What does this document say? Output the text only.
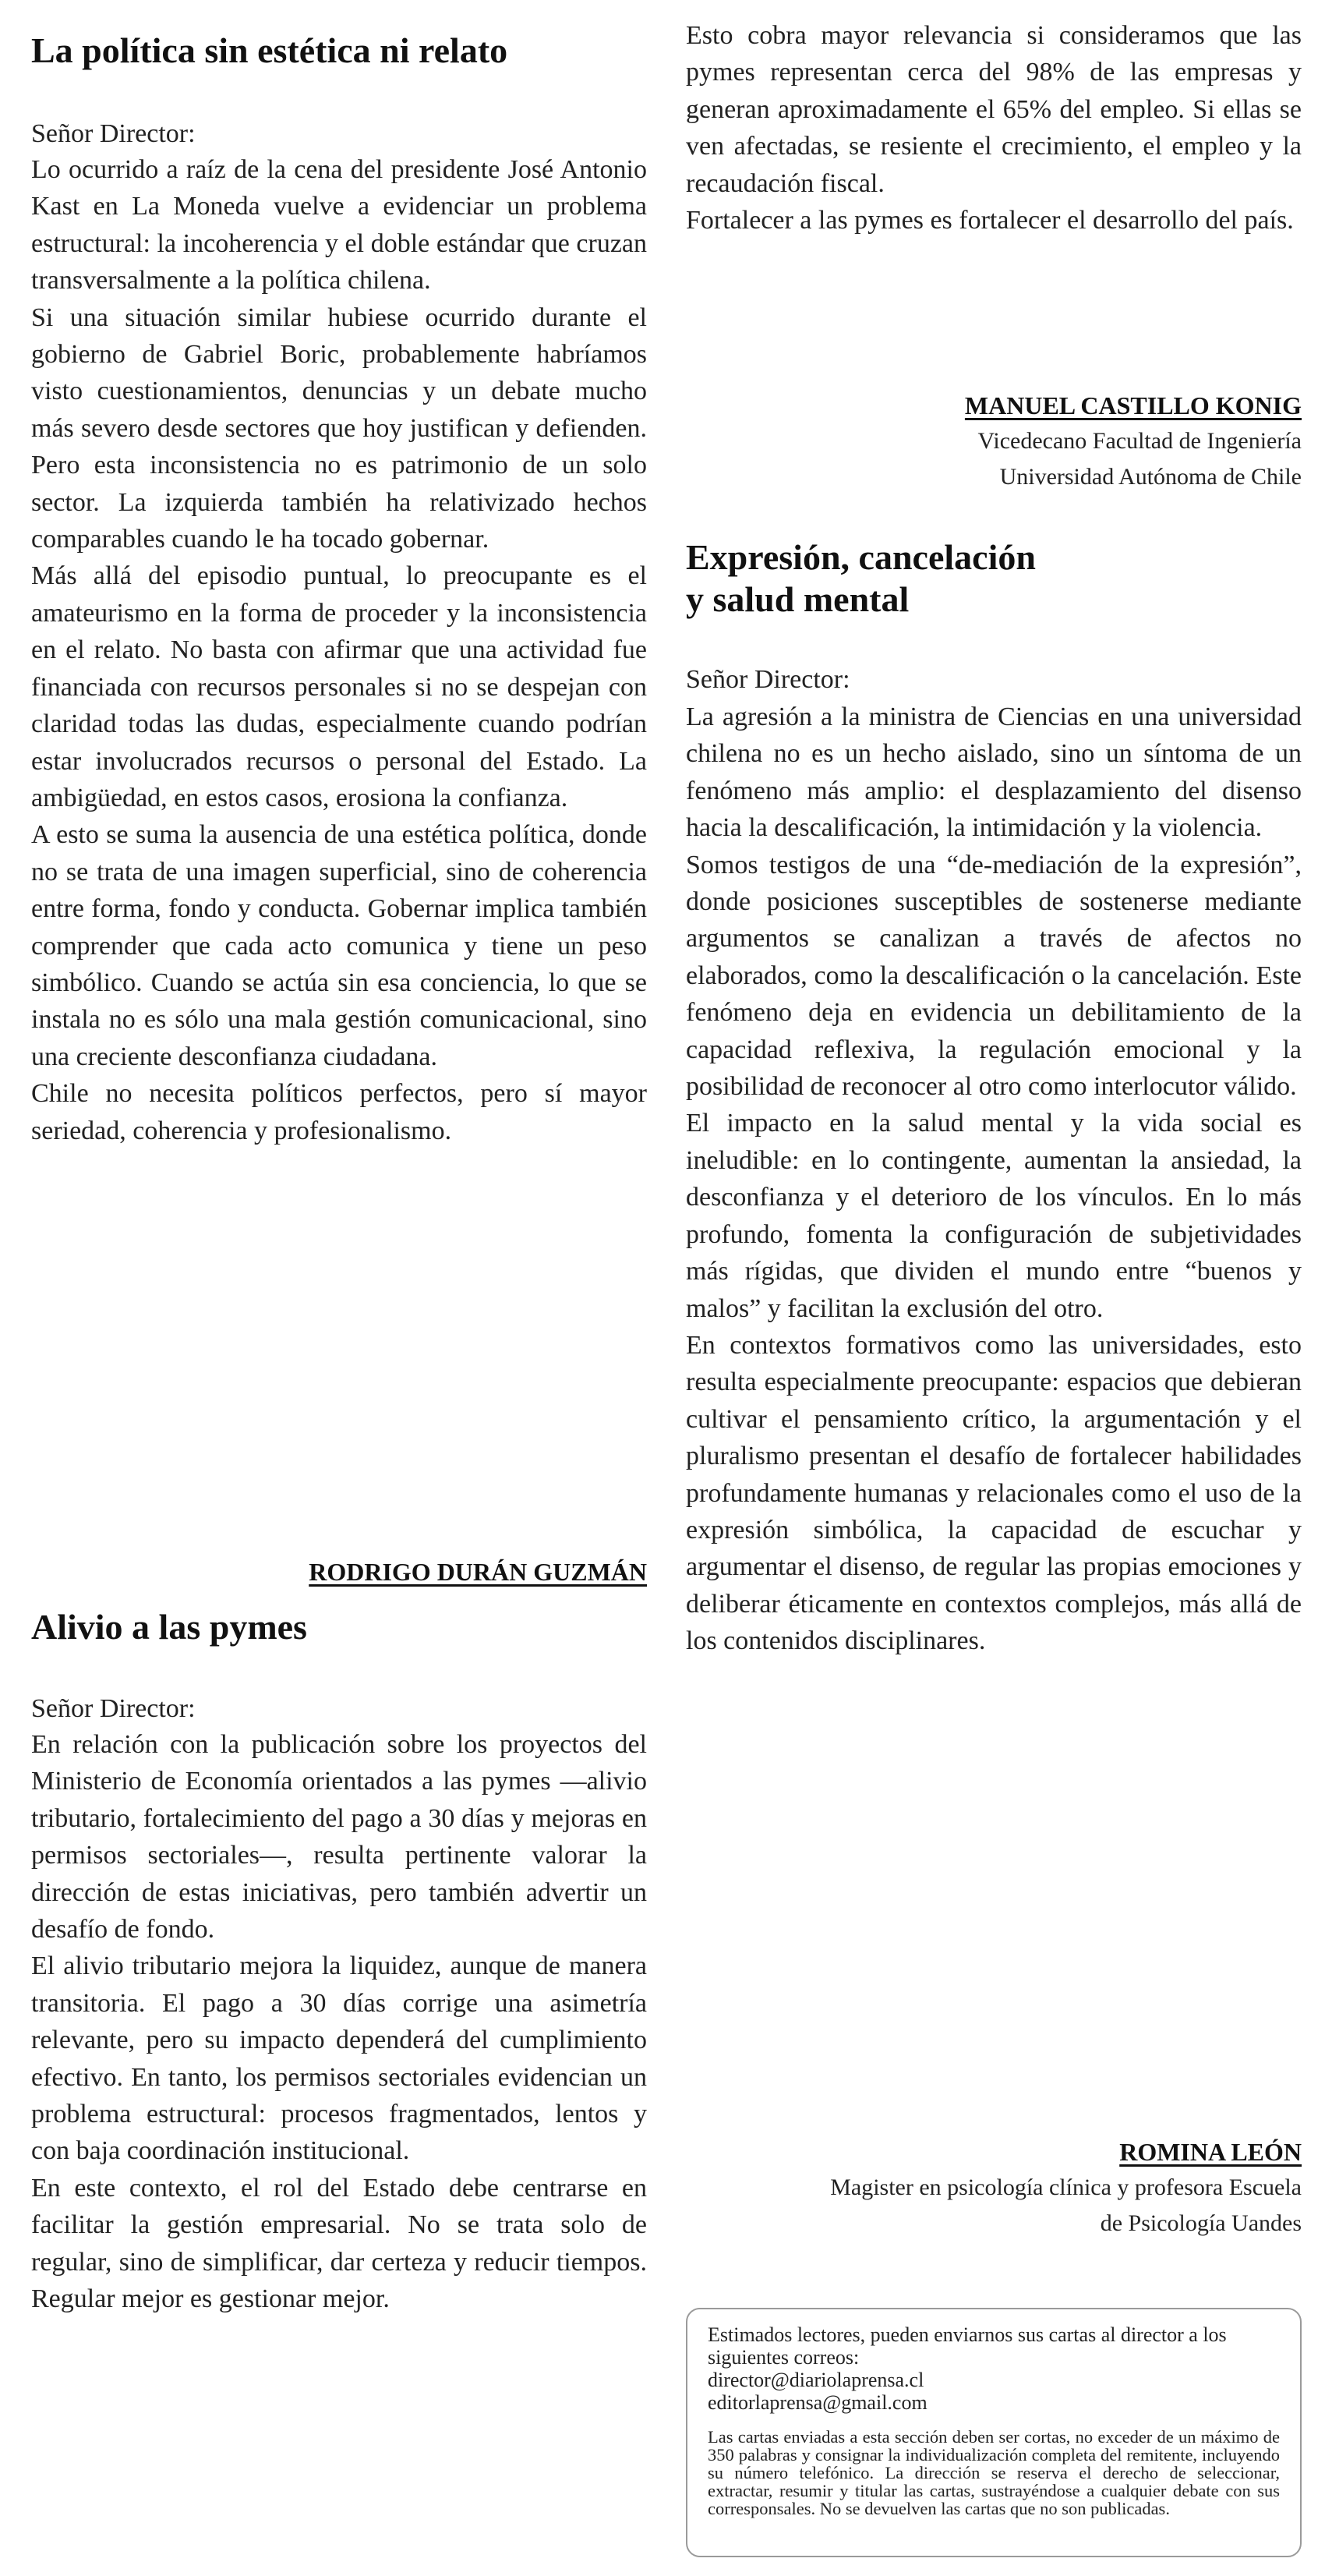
La política sin estética ni relato
Señor Director:

Lo ocurrido a raíz de la cena del presidente José Antonio Kast en La Moneda vuelve a evidenciar un problema estructural: la incoherencia y el doble estándar que cruzan transversalmente a la política chilena.

Si una situación similar hubiese ocurrido durante el gobierno de Gabriel Boric, probablemente habríamos visto cuestionamientos, denuncias y un debate mucho más severo desde sectores que hoy justifican y defienden. Pero esta inconsistencia no es patrimonio de un solo sector. La izquierda también ha relativizado hechos comparables cuando le ha tocado gobernar.

Más allá del episodio puntual, lo preocupante es el amateurismo en la forma de proceder y la inconsistencia en el relato. No basta con afirmar que una actividad fue financiada con recursos personales si no se despejan con claridad todas las dudas, especialmente cuando podrían estar involucrados recursos o personal del Estado. La ambigüedad, en estos casos, erosiona la confianza.

A esto se suma la ausencia de una estética política, donde no se trata de una imagen superficial, sino de coherencia entre forma, fondo y conducta. Gobernar implica también comprender que cada acto comunica y tiene un peso simbólico. Cuando se actúa sin esa conciencia, lo que se instala no es sólo una mala gestión comunicacional, sino una creciente desconfianza ciudadana.

Chile no necesita políticos perfectos, pero sí mayor seriedad, coherencia y profesionalismo.

RODRIGO DURÁN GUZMÁN
Alivio a las pymes
Señor Director:

En relación con la publicación sobre los proyectos del Ministerio de Economía orientados a las pymes —alivio tributario, fortalecimiento del pago a 30 días y mejoras en permisos sectoriales—, resulta pertinente valorar la dirección de estas iniciativas, pero también advertir un desafío de fondo.

El alivio tributario mejora la liquidez, aunque de manera transitoria. El pago a 30 días corrige una asimetría relevante, pero su impacto dependerá del cumplimiento efectivo. En tanto, los permisos sectoriales evidencian un problema estructural: procesos fragmentados, lentos y con baja coordinación institucional.

En este contexto, el rol del Estado debe centrarse en facilitar la gestión empresarial. No se trata solo de regular, sino de simplificar, dar certeza y reducir tiempos. Regular mejor es gestionar mejor.

Esto cobra mayor relevancia si consideramos que las pymes representan cerca del 98% de las empresas y generan aproximadamente el 65% del empleo. Si ellas se ven afectadas, se resiente el crecimiento, el empleo y la recaudación fiscal.

Fortalecer a las pymes es fortalecer el desarrollo del país.

MANUEL CASTILLO KONIG
Vicedecano Facultad de Ingeniería
Universidad Autónoma de Chile
Expresión, cancelación
y salud mental
Señor Director:

La agresión a la ministra de Ciencias en una universidad chilena no es un hecho aislado, sino un síntoma de un fenómeno más amplio: el desplazamiento del disenso hacia la descalificación, la intimidación y la violencia.

Somos testigos de una “de-mediación de la expresión”, donde posiciones susceptibles de sostenerse mediante argumentos se canalizan a través de afectos no elaborados, como la descalificación o la cancelación. Este fenómeno deja en evidencia un debilitamiento de la capacidad reflexiva, la regulación emocional y la posibilidad de reconocer al otro como interlocutor válido.

El impacto en la salud mental y la vida social es ineludible: en lo contingente, aumentan la ansiedad, la desconfianza y el deterioro de los vínculos. En lo más profundo, fomenta la configuración de subjetividades más rígidas, que dividen el mundo entre “buenos y malos” y facilitan la exclusión del otro.

En contextos formativos como las universidades, esto resulta especialmente preocupante: espacios que debieran cultivar el pensamiento crítico, la argumentación y el pluralismo presentan el desafío de fortalecer habilidades profundamente humanas y relacionales como el uso de la expresión simbólica, la capacidad de escuchar y argumentar el disenso, de regular las propias emociones y deliberar éticamente en contextos complejos, más allá de los contenidos disciplinares.

ROMINA LEÓN
Magister en psicología clínica y profesora Escuela
de Psicología Uandes

Estimados lectores, pueden enviarnos sus cartas al director a los siguientes correos:

director@diariolaprensa.cl

editorlaprensa@gmail.com

Las cartas enviadas a esta sección deben ser cortas, no exceder de un máximo de 350 palabras y consignar la individualización completa del remitente, incluyendo su número telefónico. La dirección se reserva el derecho de seleccionar, extractar, resumir y titular las cartas, sustrayéndose a cualquier debate con sus corresponsales. No se devuelven las cartas que no son publicadas.
